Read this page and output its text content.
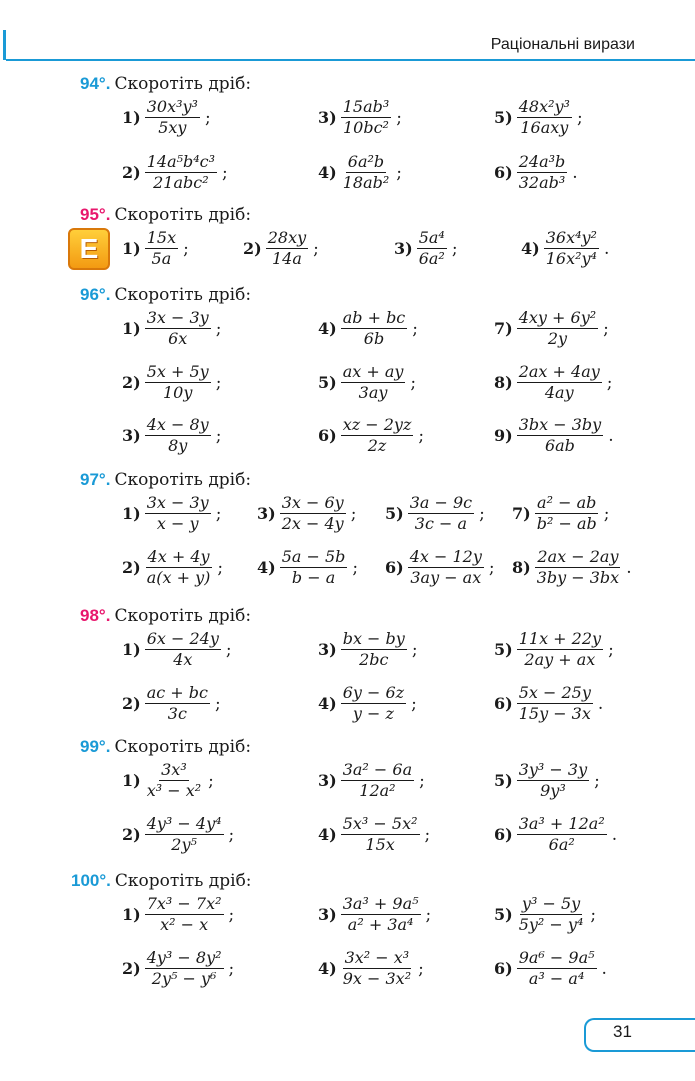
Раціональні вирази
E
94°. Скоротіть дріб:
$1) \frac{\text{30x³y³}}{5xy}$ ;	$3) \frac{\text{15ab³}}{\text{10bc²}}$ ;	$5) \frac{\text{48x²y³}}{\text{16axy}}$ ;
$2) \frac{\text{14a⁵b⁴c³}}{\text{21abc²}}$ ;	$4) \frac{\text{6a²b}}{\text{18ab²}}$ ;	$6) \frac{\text{24a³b}}{\text{32ab³}}$ .
95°. Скоротіть дріб:
$1) \frac{15x}{5a}$ ;	$2) \frac{28xy}{14a}$ ;	$3) \frac{\text{5a⁴}}{\text{6a²}}$ ;	$4) \frac{\text{36x⁴y²}}{\text{16x²y⁴}}$ .
96°. Скоротіть дріб:
$1) \frac{3x - 3y}{6x}$ ;	$4) \frac{ab + bc}{6b}$ ;	$7) \frac{\text{4xy + 6y²}}{2y}$ ;
$2) \frac{5x + 5y}{10y}$ ;	$5) \frac{ax + ay}{3ay}$ ;	$8) \frac{2ax + 4ay}{4ay}$ ;
$3) \frac{4x - 8y}{8y}$ ;	$6) \frac{xz - 2yz}{2z}$ ;	$9) \frac{3bx - 3by}{6ab}$ .
97°. Скоротіть дріб:
$1) \frac{3x - 3y}{x - y}$ ; $3) \frac{3x - 6y}{2x - 4y}$ ; $5) \frac{3a - 9c}{3c - a}$ ; $7) \frac{\text{a² − ab}}{\text{b² − ab}}$ ;
$2) \frac{4x + 4y}{a(x + y)}$ ; $4) \frac{5a - 5b}{b - a}$ ; $6) \frac{4x - 12y}{3ay - ax}$ ; $8) \frac{2ax - 2ay}{3by - 3bx}$ .
98°. Скоротіть дріб:
$1) \frac{6x - 24y}{4x}$ ;	$3) \frac{bx - by}{2bc}$ ;	$5) \frac{11x + 22y}{2ay + ax}$ ;
$2) \frac{ac + bc}{3c}$ ;	$4) \frac{6y - 6z}{y - z}$ ;	$6) \frac{5x - 25y}{15y - 3x}$ .
99°. Скоротіть дріб:
$1) \frac{\text{3x³}}{\text{x³ − x²}}$ ;	$3) \frac{\text{3a² − 6a}}{\text{12a²}}$ ;	$5) \frac{\text{3y³ − 3y}}{\text{9y³}}$ ;
$2) \frac{\text{4y³ − 4y⁴}}{\text{2y⁵}}$ ;	$4) \frac{\text{5x³ − 5x²}}{15x}$ ;	$6) \frac{\text{3a³ + 12a²}}{\text{6a²}}$ .
100°. Скоротіть дріб:
$1) \frac{\text{7x³ − 7x²}}{\text{x² − x}}$ ;	$3) \frac{\text{3a³ + 9a⁵}}{\text{a² + 3a⁴}}$ ;	$5) \frac{\text{y³ − 5y}}{\text{5y² − y⁴}}$ ;
$2) \frac{\text{4y³ − 8y²}}{\text{2y⁵ − y⁶}}$ ;	$4) \frac{\text{3x² − x³}}{\text{9x − 3x²}}$ ;	$6) \frac{\text{9a⁶ − 9a⁵}}{\text{a³ − a⁴}}$ .
31
